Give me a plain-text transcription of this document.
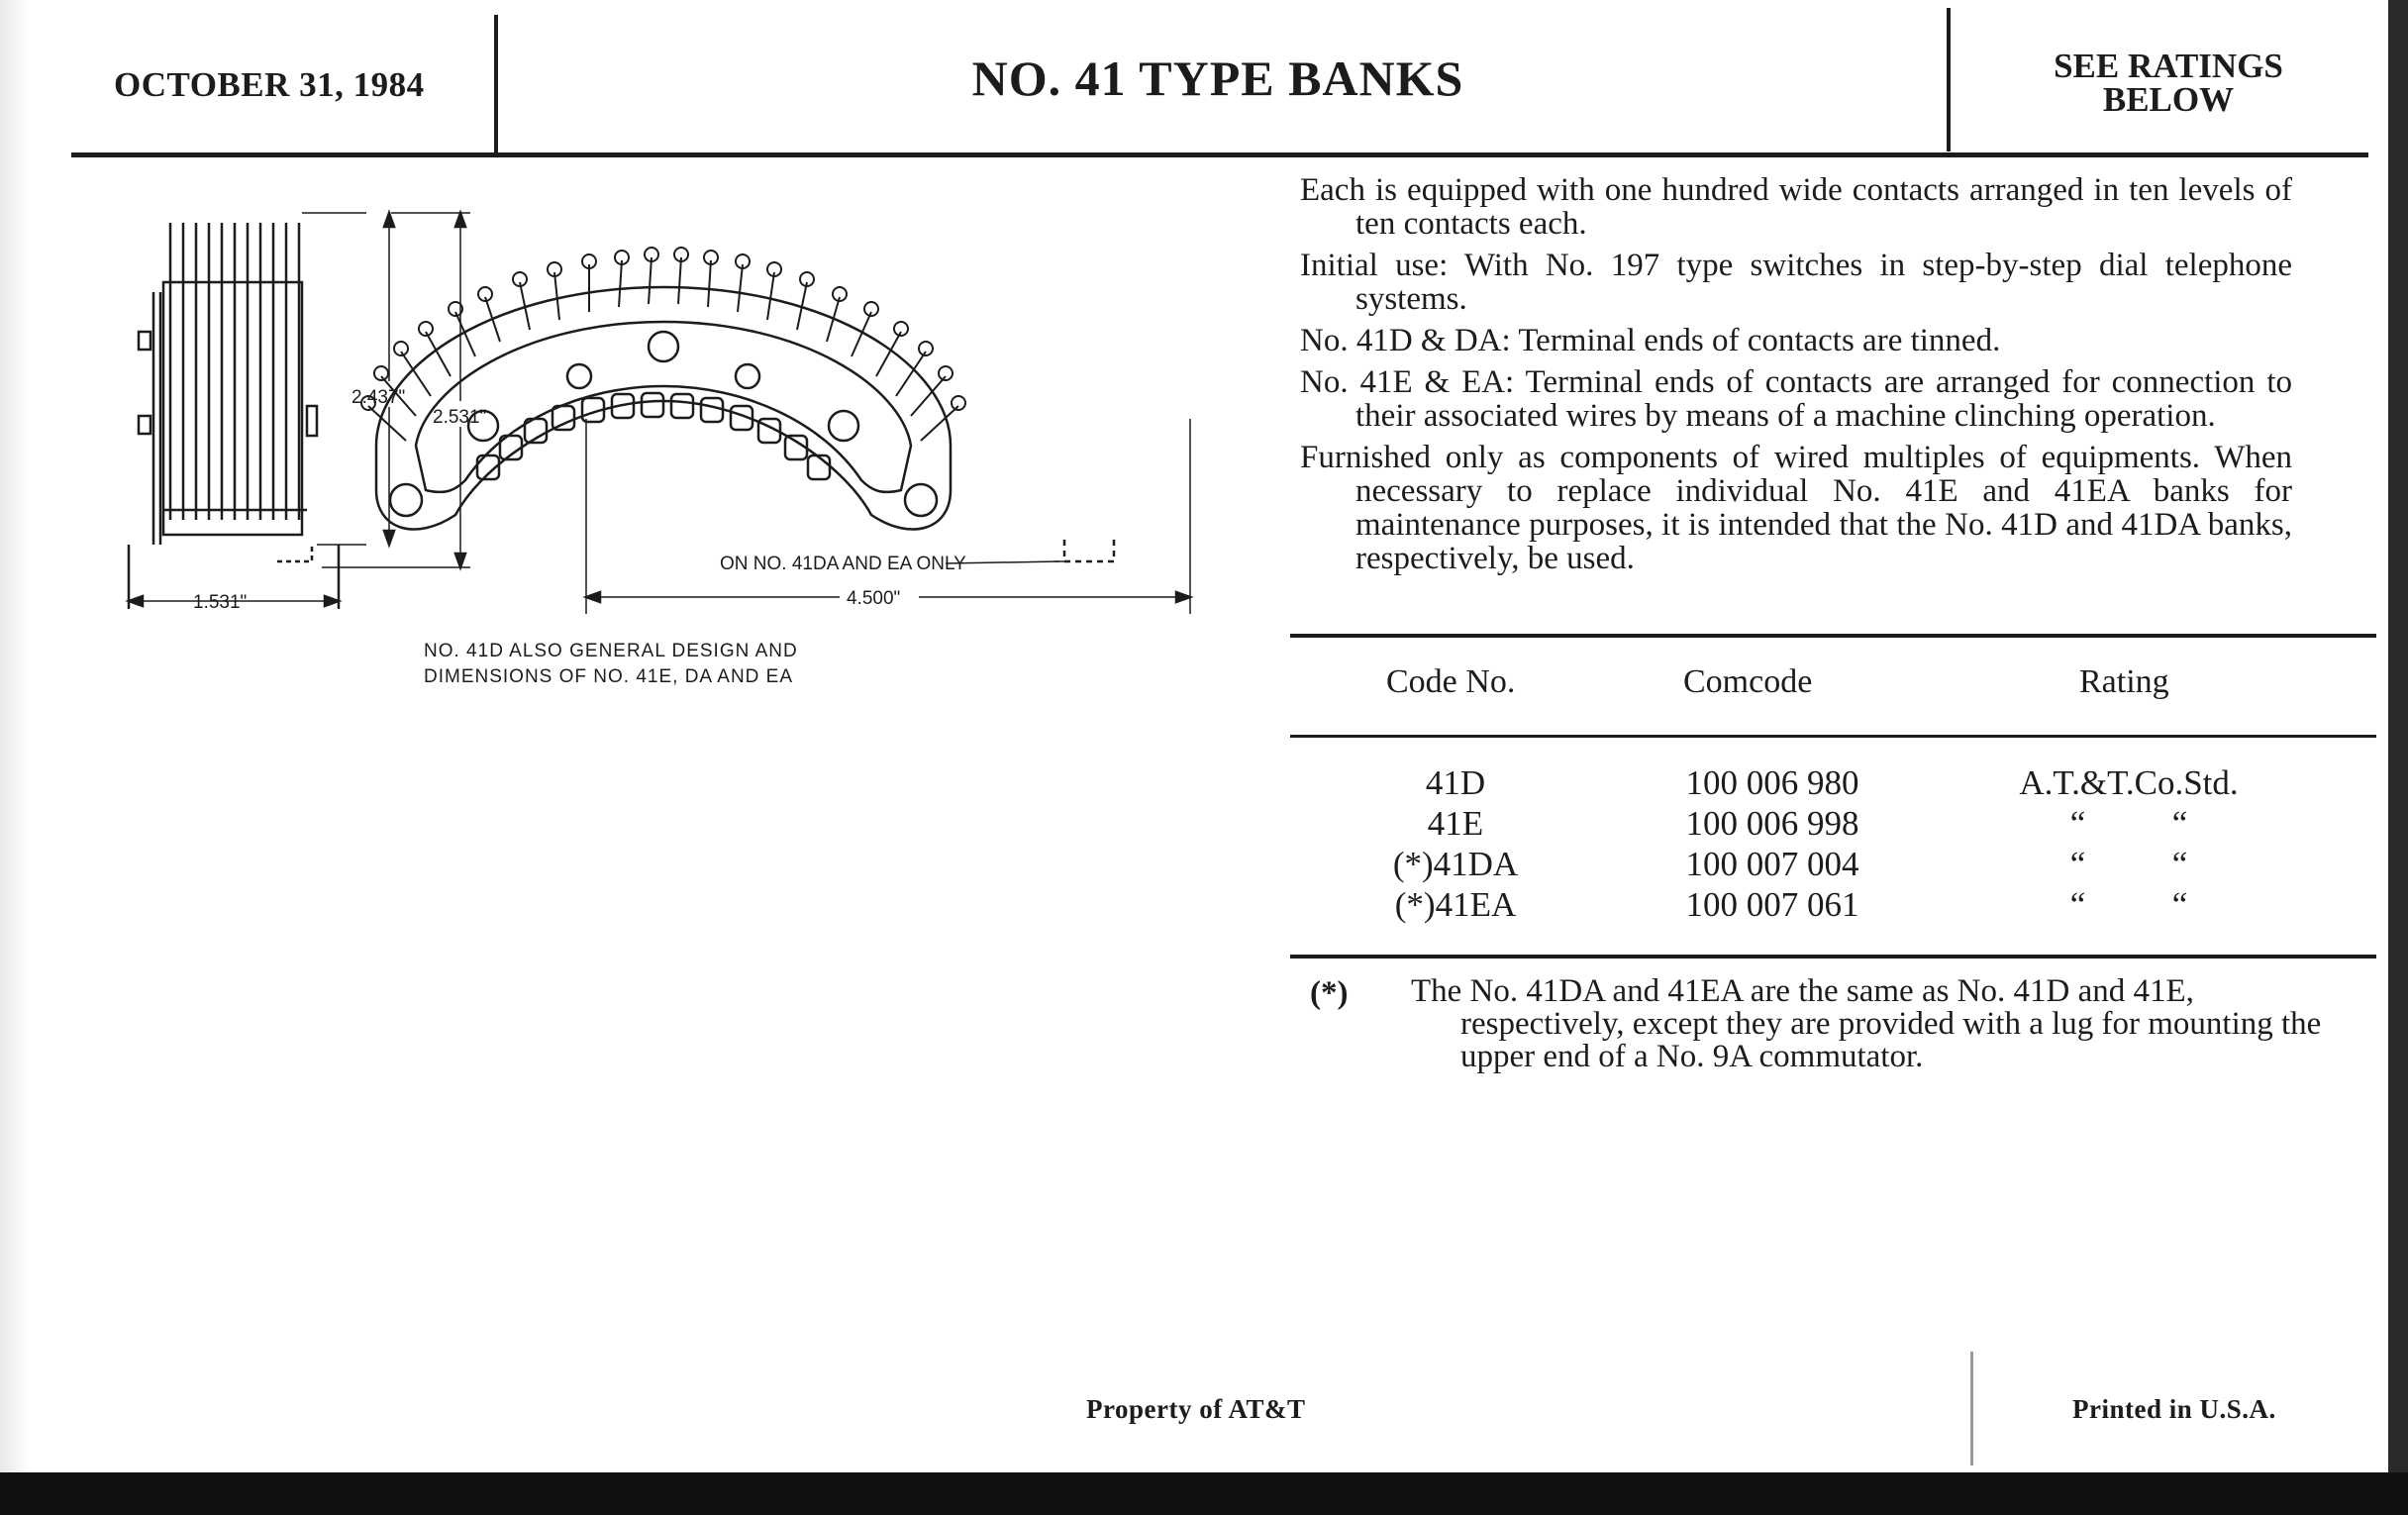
OCTOBER 31, 1984	NO. 41 TYPE BANKS	SEE RATINGS
BELOW
1.531"
2.437"
2.531"
ON NO. 41DA AND EA ONLY
4.500"
NO. 41D ALSO GENERAL DESIGN AND
DIMENSIONS OF NO. 41E, DA AND EA

Each is equipped with one hundred wide contacts arranged in ten levels of ten contacts each.

Initial use: With No. 197 type switches in step-by-step dial telephone systems.

No. 41D & DA: Terminal ends of contacts are tinned.

No. 41E & EA: Terminal ends of contacts are arranged for connection to their associated wires by means of a machine clinching operation.

Furnished only as components of wired multiples of equipments. When necessary to replace individual No. 41E and 41EA banks for maintenance purposes, it is intended that the No. 41D and 41DA banks, respectively, be used.

Code No.	Comcode	Rating
41D	100 006 980	A.T.&T.Co.Std.
41E	100 006 998	“          “
(*)41DA	100 007 004	“          “
(*)41EA	100 007 061	“          “
(*) The No. 41DA and 41EA are the same as No. 41D and 41E, respectively, except they are provided with a lug for mounting the upper end of a No. 9A commutator.

Property of AT&T	Printed in U.S.A.
